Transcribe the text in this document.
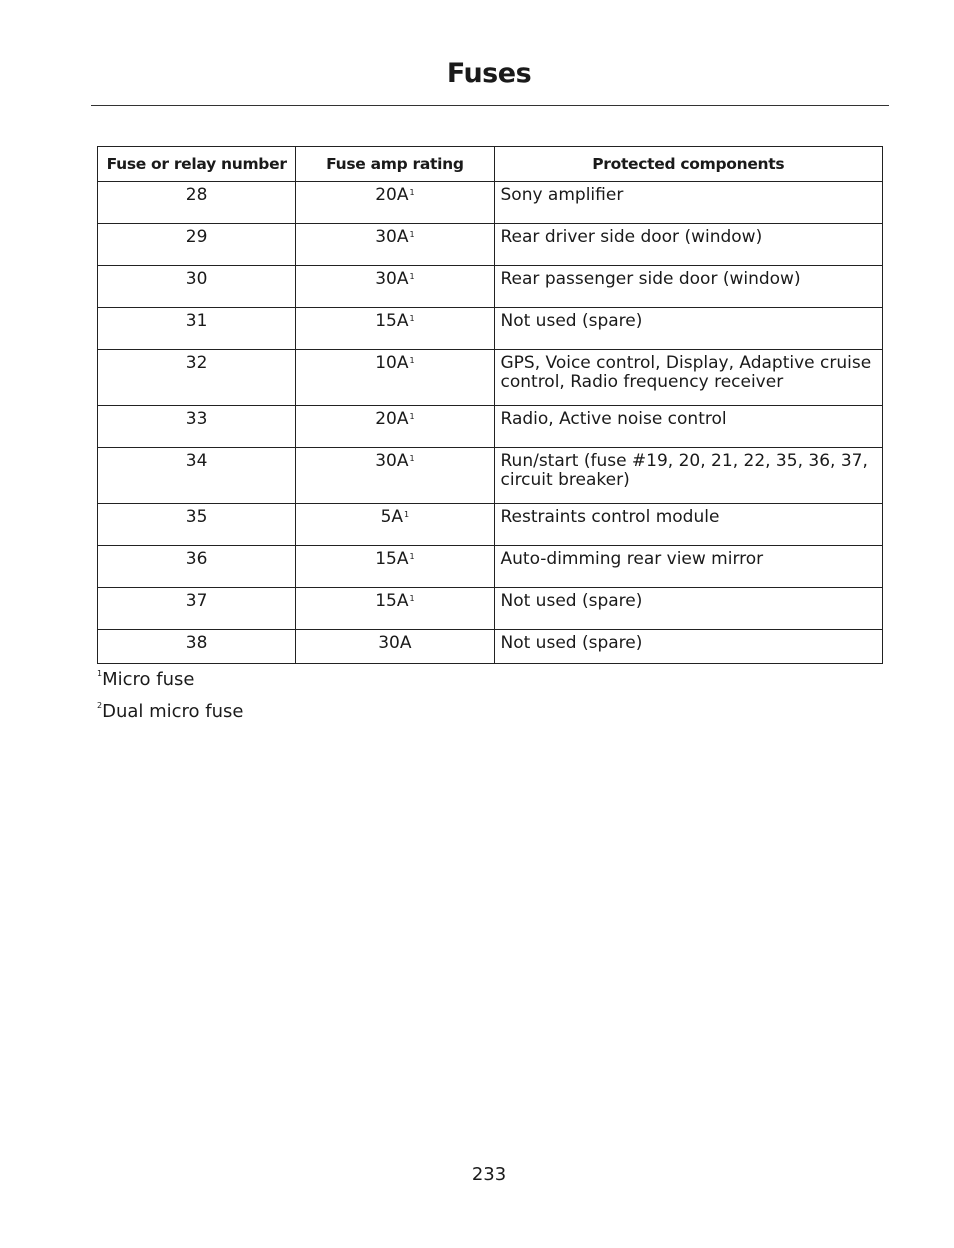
Fuses
Fuse or relay number	Fuse amp rating	Protected components
28	20A$^1$	Sony amplifier
29	30A$^1$	Rear driver side door (window)
30	30A$^1$	Rear passenger side door (window)
31	15A$^1$	Not used (spare)
32	10A$^1$	GPS, Voice control, Display, Adaptive cruise control, Radio frequency receiver
33	20A$^1$	Radio, Active noise control
34	30A$^1$	Run/start (fuse #19, 20, 21, 22, 35, 36, 37, circuit breaker)
35	5A$^1$	Restraints control module
36	15A$^1$	Auto-dimming rear view mirror
37	15A$^1$	Not used (spare)
38	30A	Not used (spare)
$^1$Micro fuse
$^2$Dual micro fuse
233
